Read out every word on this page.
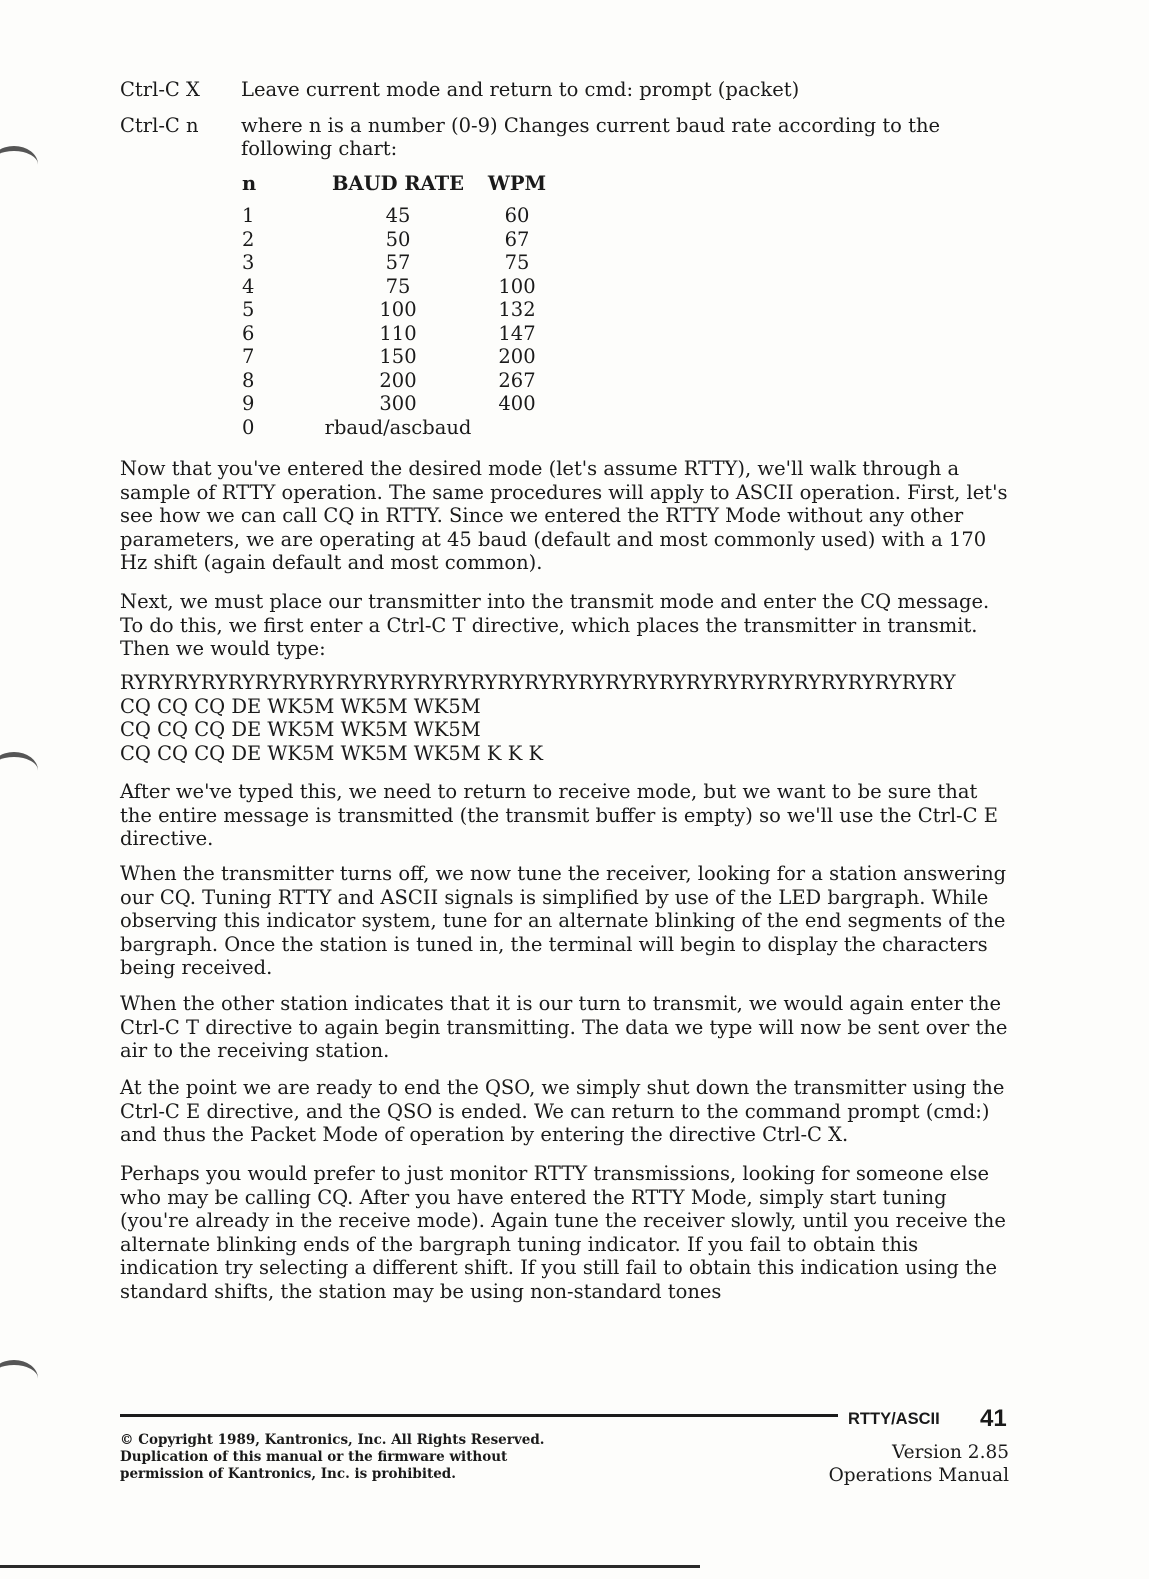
Ctrl-C X	Leave current mode and return to cmd: prompt (packet)
Ctrl-C n	where n is a number (0-9) Changes current baud rate according to the following chart:
n	BAUD RATE	WPM

1	45	60
2	50	67
3	57	75
4	75	100
5	100	132
6	110	147
7	150	200
8	200	267
9	300	400
0	rbaud/ascbaud	

Now that you've entered the desired mode (let's assume RTTY), we'll walk through a sample of RTTY operation. The same procedures will apply to ASCII operation. First, let's see how we can call CQ in RTTY. Since we entered the RTTY Mode without any other parameters, we are operating at 45 baud (default and most commonly used) with a 170 Hz shift (again default and most common).

Next, we must place our transmitter into the transmit mode and enter the CQ message. To do this, we first enter a Ctrl-C T directive, which places the transmitter in transmit. Then we would type:

RYRYRYRYRYRYRYRYRYRYRYRYRYRYRYRYRYRYRYRYRYRYRYRYRYRYRYRYRYRYRY
CQ CQ CQ DE WK5M WK5M WK5M
CQ CQ CQ DE WK5M WK5M WK5M
CQ CQ CQ DE WK5M WK5M WK5M K K K

After we've typed this, we need to return to receive mode, but we want to be sure that the entire message is transmitted (the transmit buffer is empty) so we'll use the Ctrl-C E directive.

When the transmitter turns off, we now tune the receiver, looking for a station answering our CQ. Tuning RTTY and ASCII signals is simplified by use of the LED bargraph. While observing this indicator system, tune for an alternate blinking of the end segments of the bargraph. Once the station is tuned in, the terminal will begin to display the characters being received.

When the other station indicates that it is our turn to transmit, we would again enter the Ctrl-C T directive to again begin transmitting. The data we type will now be sent over the air to the receiving station.

At the point we are ready to end the QSO, we simply shut down the transmitter using the Ctrl-C E directive, and the QSO is ended. We can return to the command prompt (cmd:) and thus the Packet Mode of operation by entering the directive Ctrl-C X.

Perhaps you would prefer to just monitor RTTY transmissions, looking for someone else who may be calling CQ. After you have entered the RTTY Mode, simply start tuning (you're already in the receive mode). Again tune the receiver slowly, until you receive the alternate blinking ends of the bargraph tuning indicator. If you fail to obtain this indication try selecting a different shift. If you still fail to obtain this indication using the standard shifts, the station may be using non-standard tones

RTTY/ASCII 41
Version 2.85
Operations Manual
© Copyright 1989, Kantronics, Inc. All Rights Reserved.
Duplication of this manual or the firmware without
permission of Kantronics, Inc. is prohibited.
